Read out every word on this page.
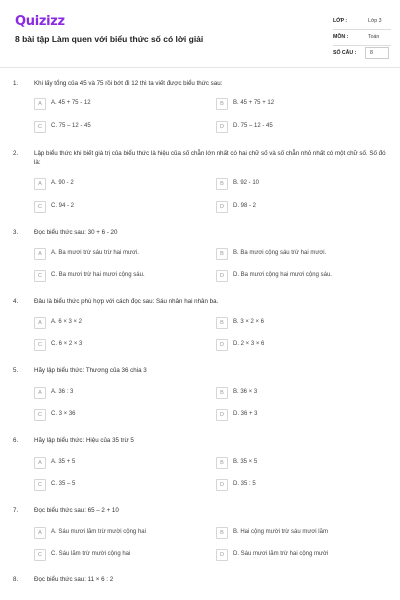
Quizizz
8 bài tập Làm quen với biểu thức số có lời giải
LỚP :	Lớp 3
MÔN :	Toán
SỐ CÂU :	8
1.	Khi lấy tổng của 45 và 75 rồi bớt đi 12 thì ta viết được biểu thức sau:
A	A. 45 + 75 - 12	B	B. 45 + 75 + 12
C	C. 75 – 12 - 45	D	D. 75 – 12 - 45
2.	Lập biểu thức khi biết giá trị của biểu thức là hiệu của số chẵn lớn nhất có hai chữ số và số chẵn nhỏ nhất có một chữ số. Số đó là:
A	A. 90 - 2	B	B. 92 - 10
C	C. 94 - 2	D	D. 98 - 2
3.	Đọc biểu thức sau: 30 + 6 - 20
A	A. Ba mươi trừ sáu trừ hai mươi.	B	B. Ba mươi cộng sáu trừ hai mươi.
C	C. Ba mươi trừ hai mươi cộng sáu.	D	D. Ba mươi cộng hai mươi cộng sáu.
4.	Đâu là biểu thức phù hợp với cách đọc sau: Sáu nhân hai nhân ba.
A	A. 6 × 3 × 2	B	B. 3 × 2 × 6
C	C. 6 × 2 × 3	D	D. 2 × 3 × 6
5.	Hãy lập biểu thức: Thương của 36 chia 3
A	A. 36 : 3	B	B. 36 × 3
C	C. 3 × 36	D	D. 36 + 3
6.	Hãy lập biểu thức: Hiệu của 35 trừ 5
A	A. 35 + 5	B	B. 35 × 5
C	C. 35 – 5	D	D. 35 : 5
7.	Đọc biểu thức sau: 65 – 2 + 10
A	A. Sáu mươi lăm trừ mười cộng hai	B	B. Hai cộng mười trừ sáu mươi lăm
C	C. Sáu lăm trừ mười cộng hai	D	D. Sáu mươi lăm trừ hai cộng mười
8.	Đọc biểu thức sau: 11 × 6 : 2
